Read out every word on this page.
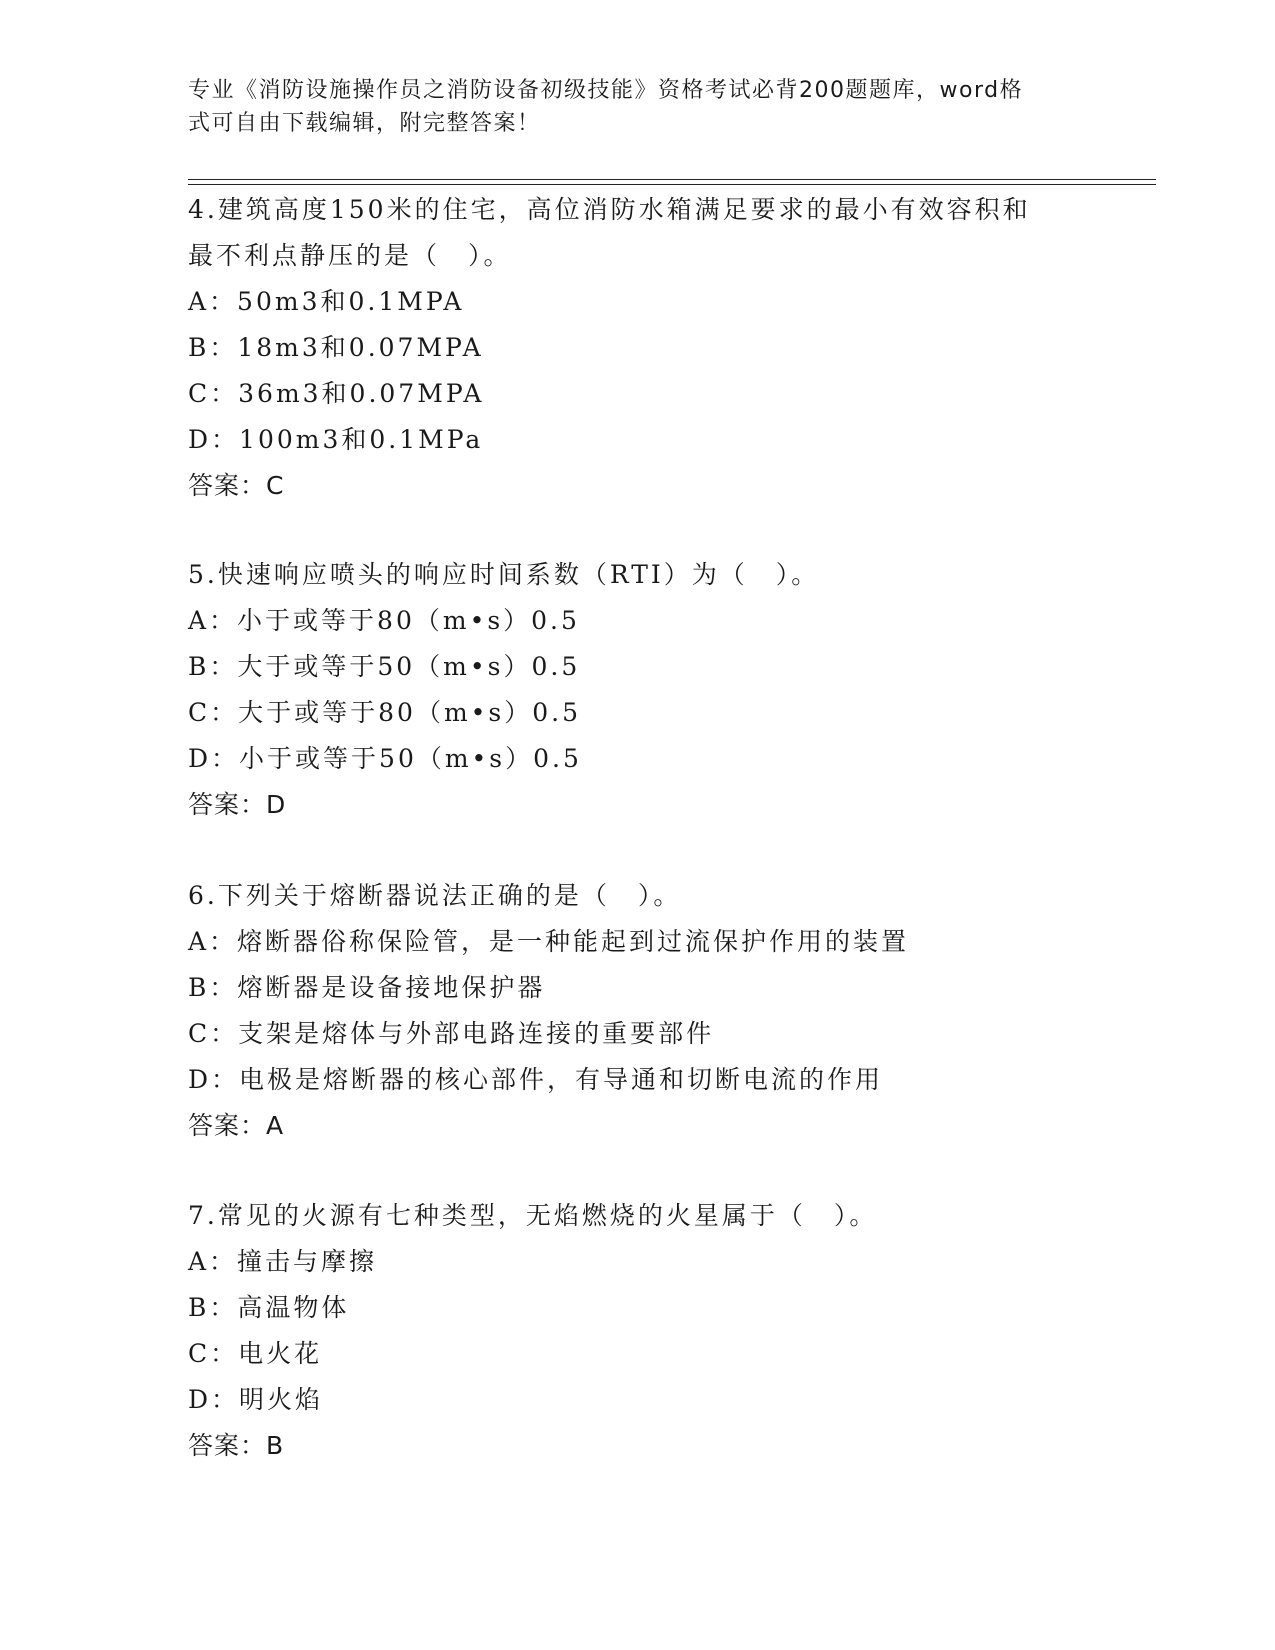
专业《消防设施操作员之消防设备初级技能》资格考试必背200题题库，word格
式可自由下载编辑，附完整答案！
4.建筑高度150米的住宅，高位消防水箱满足要求的最小有效容积和
最不利点静压的是（　）。
A：50m3和0.1MPA
B：18m3和0.07MPA
C：36m3和0.07MPA
D：100m3和0.1MPa
答案：C
5.快速响应喷头的响应时间系数（RTI）为（　）。
A：小于或等于80（m•s）0.5
B：大于或等于50（m•s）0.5
C：大于或等于80（m•s）0.5
D：小于或等于50（m•s）0.5
答案：D
6.下列关于熔断器说法正确的是（　）。
A：熔断器俗称保险管，是一种能起到过流保护作用的装置
B：熔断器是设备接地保护器
C：支架是熔体与外部电路连接的重要部件
D：电极是熔断器的核心部件，有导通和切断电流的作用
答案：A
7.常见的火源有七种类型，无焰燃烧的火星属于（　）。
A：撞击与摩擦
B：高温物体
C：电火花
D：明火焰
答案：B
